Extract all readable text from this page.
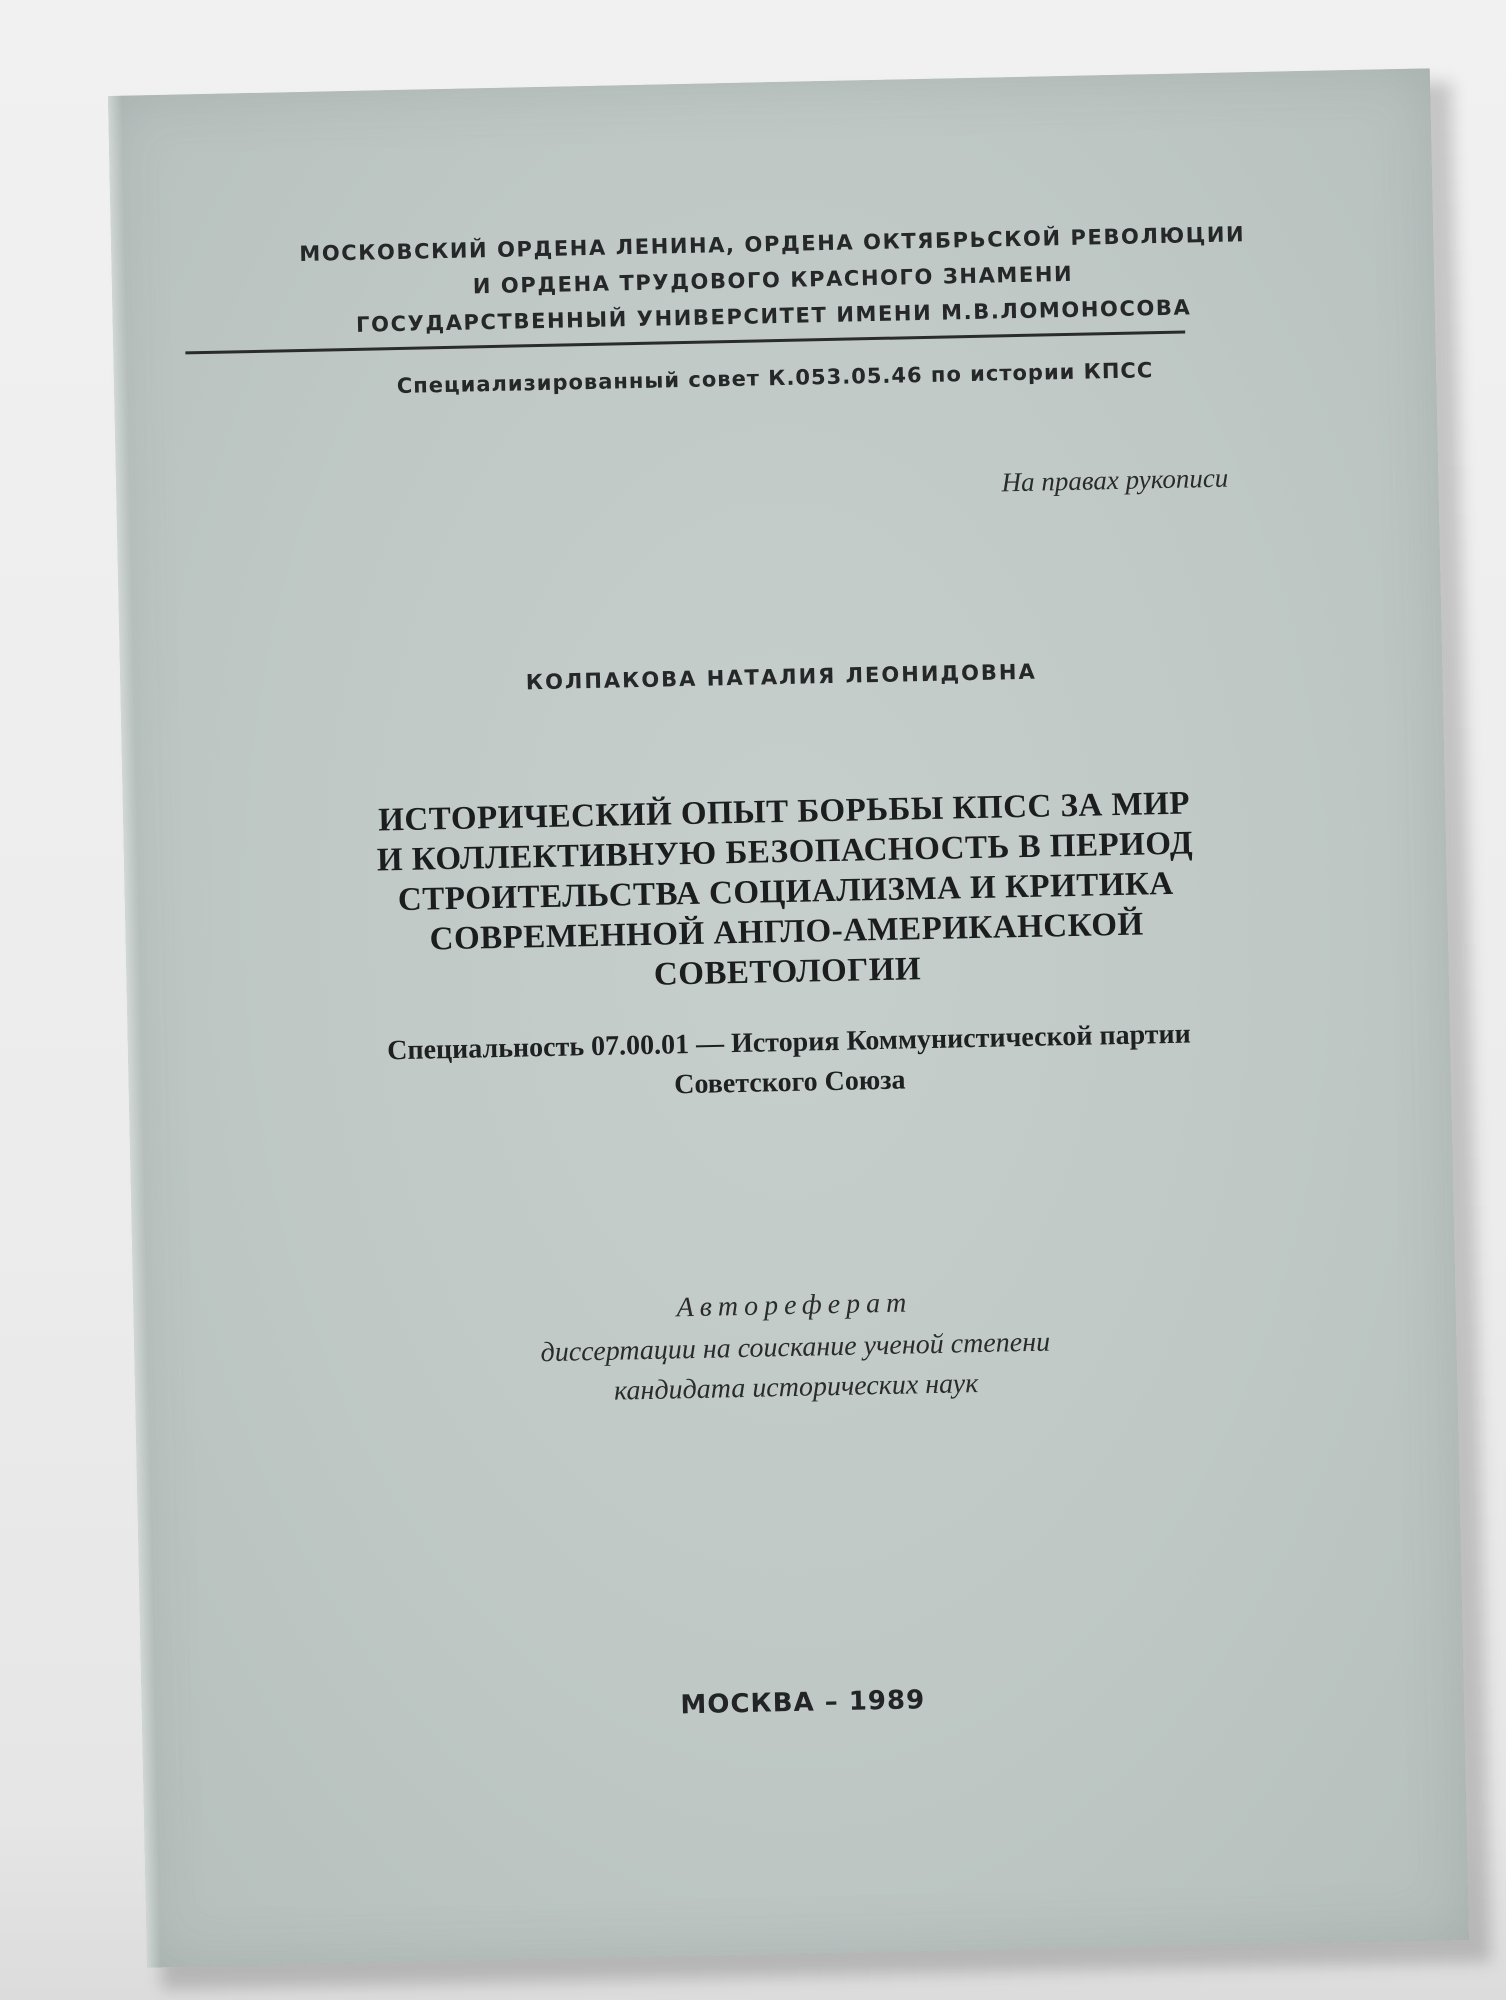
МОСКОВСКИЙ ОРДЕНА ЛЕНИНА, ОРДЕНА ОКТЯБРЬСКОЙ РЕВОЛЮЦИИ
И ОРДЕНА ТРУДОВОГО КРАСНОГО ЗНАМЕНИ
ГОСУДАРСТВЕННЫЙ УНИВЕРСИТЕТ ИМЕНИ М.В.ЛОМОНОСОВА
Специализированный совет К.053.05.46 по истории КПСС
На правах рукописи
КОЛПАКОВА НАТАЛИЯ ЛЕОНИДОВНА
ИСТОРИЧЕСКИЙ ОПЫТ БОРЬБЫ КПСС ЗА МИР
И КОЛЛЕКТИВНУЮ БЕЗОПАСНОСТЬ В ПЕРИОД
СТРОИТЕЛЬСТВА СОЦИАЛИЗМА И КРИТИКА
СОВРЕМЕННОЙ АНГЛО-АМЕРИКАНСКОЙ
СОВЕТОЛОГИИ
Специальность 07.00.01 — История Коммунистической партии
Советского Союза
Автореферат
диссертации на соискание ученой степени
кандидата исторических наук
МОСКВА – 1989
